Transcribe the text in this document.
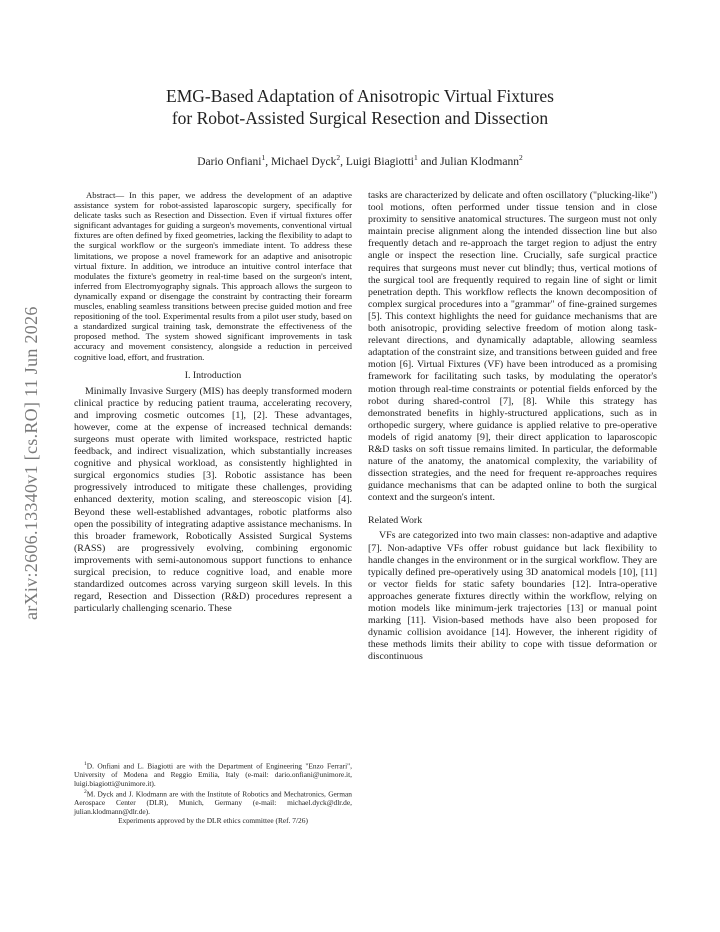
arXiv:2606.13340v1 [cs.RO] 11 Jun 2026
EMG-Based Adaptation of Anisotropic Virtual Fixtures
for Robot-Assisted Surgical Resection and Dissection
Dario Onfiani$^1$, Michael Dyck$^2$, Luigi Biagiotti$^1$ and Julian Klodmann$^2$

Abstract— In this paper, we address the development of an adaptive assistance system for robot-assisted laparoscopic surgery, specifically for delicate tasks such as Resection and Dissection. Even if virtual fixtures offer significant advantages for guiding a surgeon's movements, conventional virtual fixtures are often defined by fixed geometries, lacking the flexibility to adapt to the surgical workflow or the surgeon's immediate intent. To address these limitations, we propose a novel framework for an adaptive and anisotropic virtual fixture. In addition, we introduce an intuitive control interface that modulates the fixture's geometry in real-time based on the surgeon's intent, inferred from Electromyography signals. This approach allows the surgeon to dynamically expand or disengage the constraint by contracting their forearm muscles, enabling seamless transitions between precise guided motion and free repositioning of the tool. Experimental results from a pilot user study, based on a standardized surgical training task, demonstrate the effectiveness of the proposed method. The system showed significant improvements in task accuracy and movement consistency, alongside a reduction in perceived cognitive load, effort, and frustration.

I. Introduction

Minimally Invasive Surgery (MIS) has deeply transformed modern clinical practice by reducing patient trauma, accelerating recovery, and improving cosmetic outcomes [1], [2]. These advantages, however, come at the expense of increased technical demands: surgeons must operate with limited workspace, restricted haptic feedback, and indirect visualization, which substantially increases cognitive and physical workload, as consistently highlighted in surgical ergonomics studies [3]. Robotic assistance has been progressively introduced to mitigate these challenges, providing enhanced dexterity, motion scaling, and stereoscopic vision [4]. Beyond these well-established advantages, robotic platforms also open the possibility of integrating adaptive assistance mechanisms. In this broader framework, Robotically Assisted Surgical Systems (RASS) are progressively evolving, combining ergonomic improvements with semi-autonomous support functions to enhance surgical precision, to reduce cognitive load, and enable more standardized outcomes across varying surgeon skill levels. In this regard, Resection and Dissection (R&D) procedures represent a particularly challenging scenario. These

tasks are characterized by delicate and often oscillatory ("plucking-like") tool motions, often performed under tissue tension and in close proximity to sensitive anatomical structures. The surgeon must not only maintain precise alignment along the intended dissection line but also frequently detach and re-approach the target region to adjust the entry angle or inspect the resection line. Crucially, safe surgical practice requires that surgeons must never cut blindly; thus, vertical motions of the surgical tool are frequently required to regain line of sight or limit penetration depth. This workflow reflects the known decomposition of complex surgical procedures into a "grammar" of fine-grained surgemes [5]. This context highlights the need for guidance mechanisms that are both anisotropic, providing selective freedom of motion along task-relevant directions, and dynamically adaptable, allowing seamless adaptation of the constraint size, and transitions between guided and free motion [6]. Virtual Fixtures (VF) have been introduced as a promising framework for facilitating such tasks, by modulating the operator's motion through real-time constraints or potential fields enforced by the robot during shared-control [7], [8]. While this strategy has demonstrated benefits in highly-structured applications, such as in orthopedic surgery, where guidance is applied relative to pre-operative models of rigid anatomy [9], their direct application to laparoscopic R&D tasks on soft tissue remains limited. In particular, the deformable nature of the anatomy, the anatomical complexity, the variability of dissection strategies, and the need for frequent re-approaches requires guidance mechanisms that can be adapted online to both the surgical context and the surgeon's intent.

Related Work

VFs are categorized into two main classes: non-adaptive and adaptive [7]. Non-adaptive VFs offer robust guidance but lack flexibility to handle changes in the environment or in the surgical workflow. They are typically defined pre-operatively using 3D anatomical models [10], [11] or vector fields for static safety boundaries [12]. Intra-operative approaches generate fixtures directly within the workflow, relying on motion models like minimum-jerk trajectories [13] or manual point marking [11]. Vision-based methods have also been proposed for dynamic collision avoidance [14]. However, the inherent rigidity of these methods limits their ability to cope with tissue deformation or discontinuous

$^1$D. Onfiani and L. Biagiotti are with the Department of Engineering "Enzo Ferrari", University of Modena and Reggio Emilia, Italy (e-mail: dario.onfiani@unimore.it, luigi.biagiotti@unimore.it).

$^2$M. Dyck and J. Klodmann are with the Institute of Robotics and Mechatronics, German Aerospace Center (DLR), Munich, Germany (e-mail: michael.dyck@dlr.de, julian.klodmann@dlr.de).

Experiments approved by the DLR ethics committee (Ref. 7/26)
